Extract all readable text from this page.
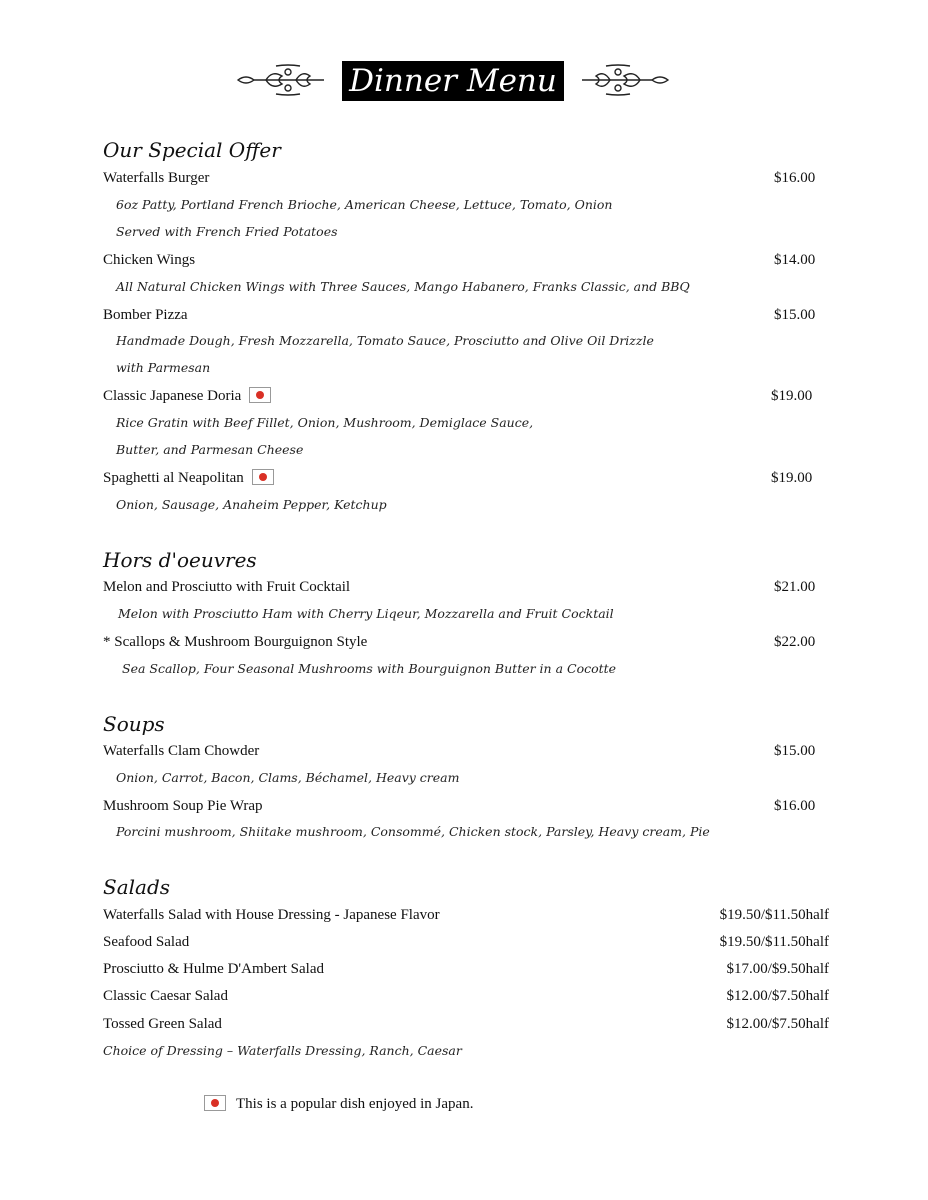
Dinner Menu
Our Special Offer
Waterfalls Burger	$16.00
6oz Patty, Portland French Brioche, American Cheese, Lettuce, Tomato, Onion
Served with French Fried Potatoes
Chicken Wings	$14.00
All Natural Chicken Wings with Three Sauces, Mango Habanero, Franks Classic, and BBQ
Bomber Pizza	$15.00
Handmade Dough, Fresh Mozzarella, Tomato Sauce, Prosciutto and Olive Oil Drizzle
with Parmesan
Classic Japanese Doria	$19.00
Rice Gratin with Beef Fillet, Onion, Mushroom, Demiglace Sauce,
Butter, and Parmesan Cheese
Spaghetti al Neapolitan	$19.00
Onion, Sausage, Anaheim Pepper, Ketchup
Hors d'oeuvres
Melon and Prosciutto with Fruit Cocktail	$21.00
Melon with Prosciutto Ham with Cherry Liqeur, Mozzarella and Fruit Cocktail
* Scallops & Mushroom Bourguignon Style	$22.00
Sea Scallop, Four Seasonal Mushrooms with Bourguignon Butter in a Cocotte
Soups
Waterfalls Clam Chowder	$15.00
Onion, Carrot, Bacon, Clams, Béchamel, Heavy cream
Mushroom Soup Pie Wrap	$16.00
Porcini mushroom, Shiitake mushroom, Consommé, Chicken stock, Parsley, Heavy cream, Pie
Salads
Waterfalls Salad with House Dressing - Japanese Flavor	$19.50/$11.50half
Seafood Salad	$19.50/$11.50half
Prosciutto & Hulme D'Ambert Salad	$17.00/$9.50half
Classic Caesar Salad	$12.00/$7.50half
Tossed Green Salad	$12.00/$7.50half
Choice of Dressing – Waterfalls Dressing, Ranch, Caesar
This is a popular dish enjoyed in Japan.
